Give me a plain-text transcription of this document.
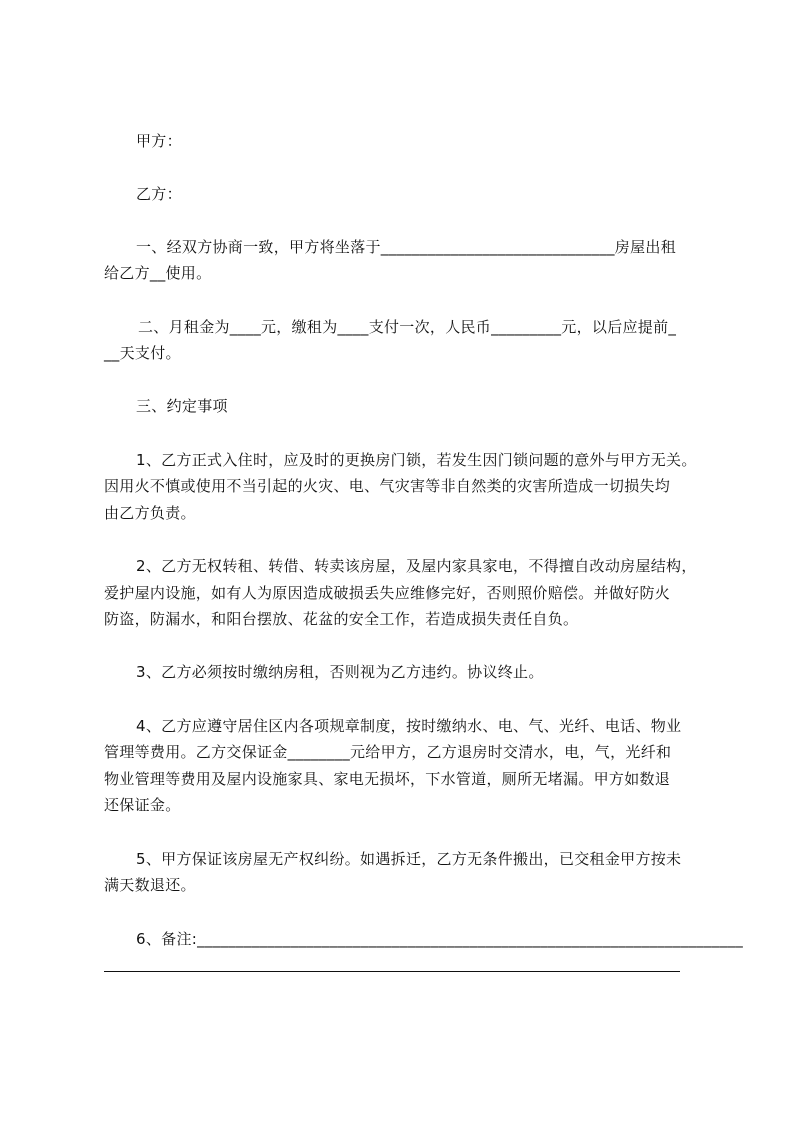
甲方：
乙方：
一、经双方协商一致，甲方将坐落于______________________________房屋出租
给乙方__使用。
二、月租金为____元，缴租为____支付一次，人民币_________元，以后应提前_
__天支付。
三、约定事项
1、乙方正式入住时，应及时的更换房门锁，若发生因门锁问题的意外与甲方无关。
因用火不慎或使用不当引起的火灾、电、气灾害等非自然类的灾害所造成一切损失均
由乙方负责。
2、乙方无权转租、转借、转卖该房屋，及屋内家具家电，不得擅自改动房屋结构，
爱护屋内设施，如有人为原因造成破损丢失应维修完好，否则照价赔偿。并做好防火
防盗，防漏水，和阳台摆放、花盆的安全工作，若造成损失责任自负。
3、乙方必须按时缴纳房租，否则视为乙方违约。协议终止。
4、乙方应遵守居住区内各项规章制度，按时缴纳水、电、气、光纤、电话、物业
管理等费用。乙方交保证金________元给甲方，乙方退房时交清水，电，气，光纤和
物业管理等费用及屋内设施家具、家电无损坏，下水管道，厕所无堵漏。甲方如数退
还保证金。
5、甲方保证该房屋无产权纠纷。如遇拆迁，乙方无条件搬出，已交租金甲方按未
满天数退还。
6、备注:______________________________________________________________________
